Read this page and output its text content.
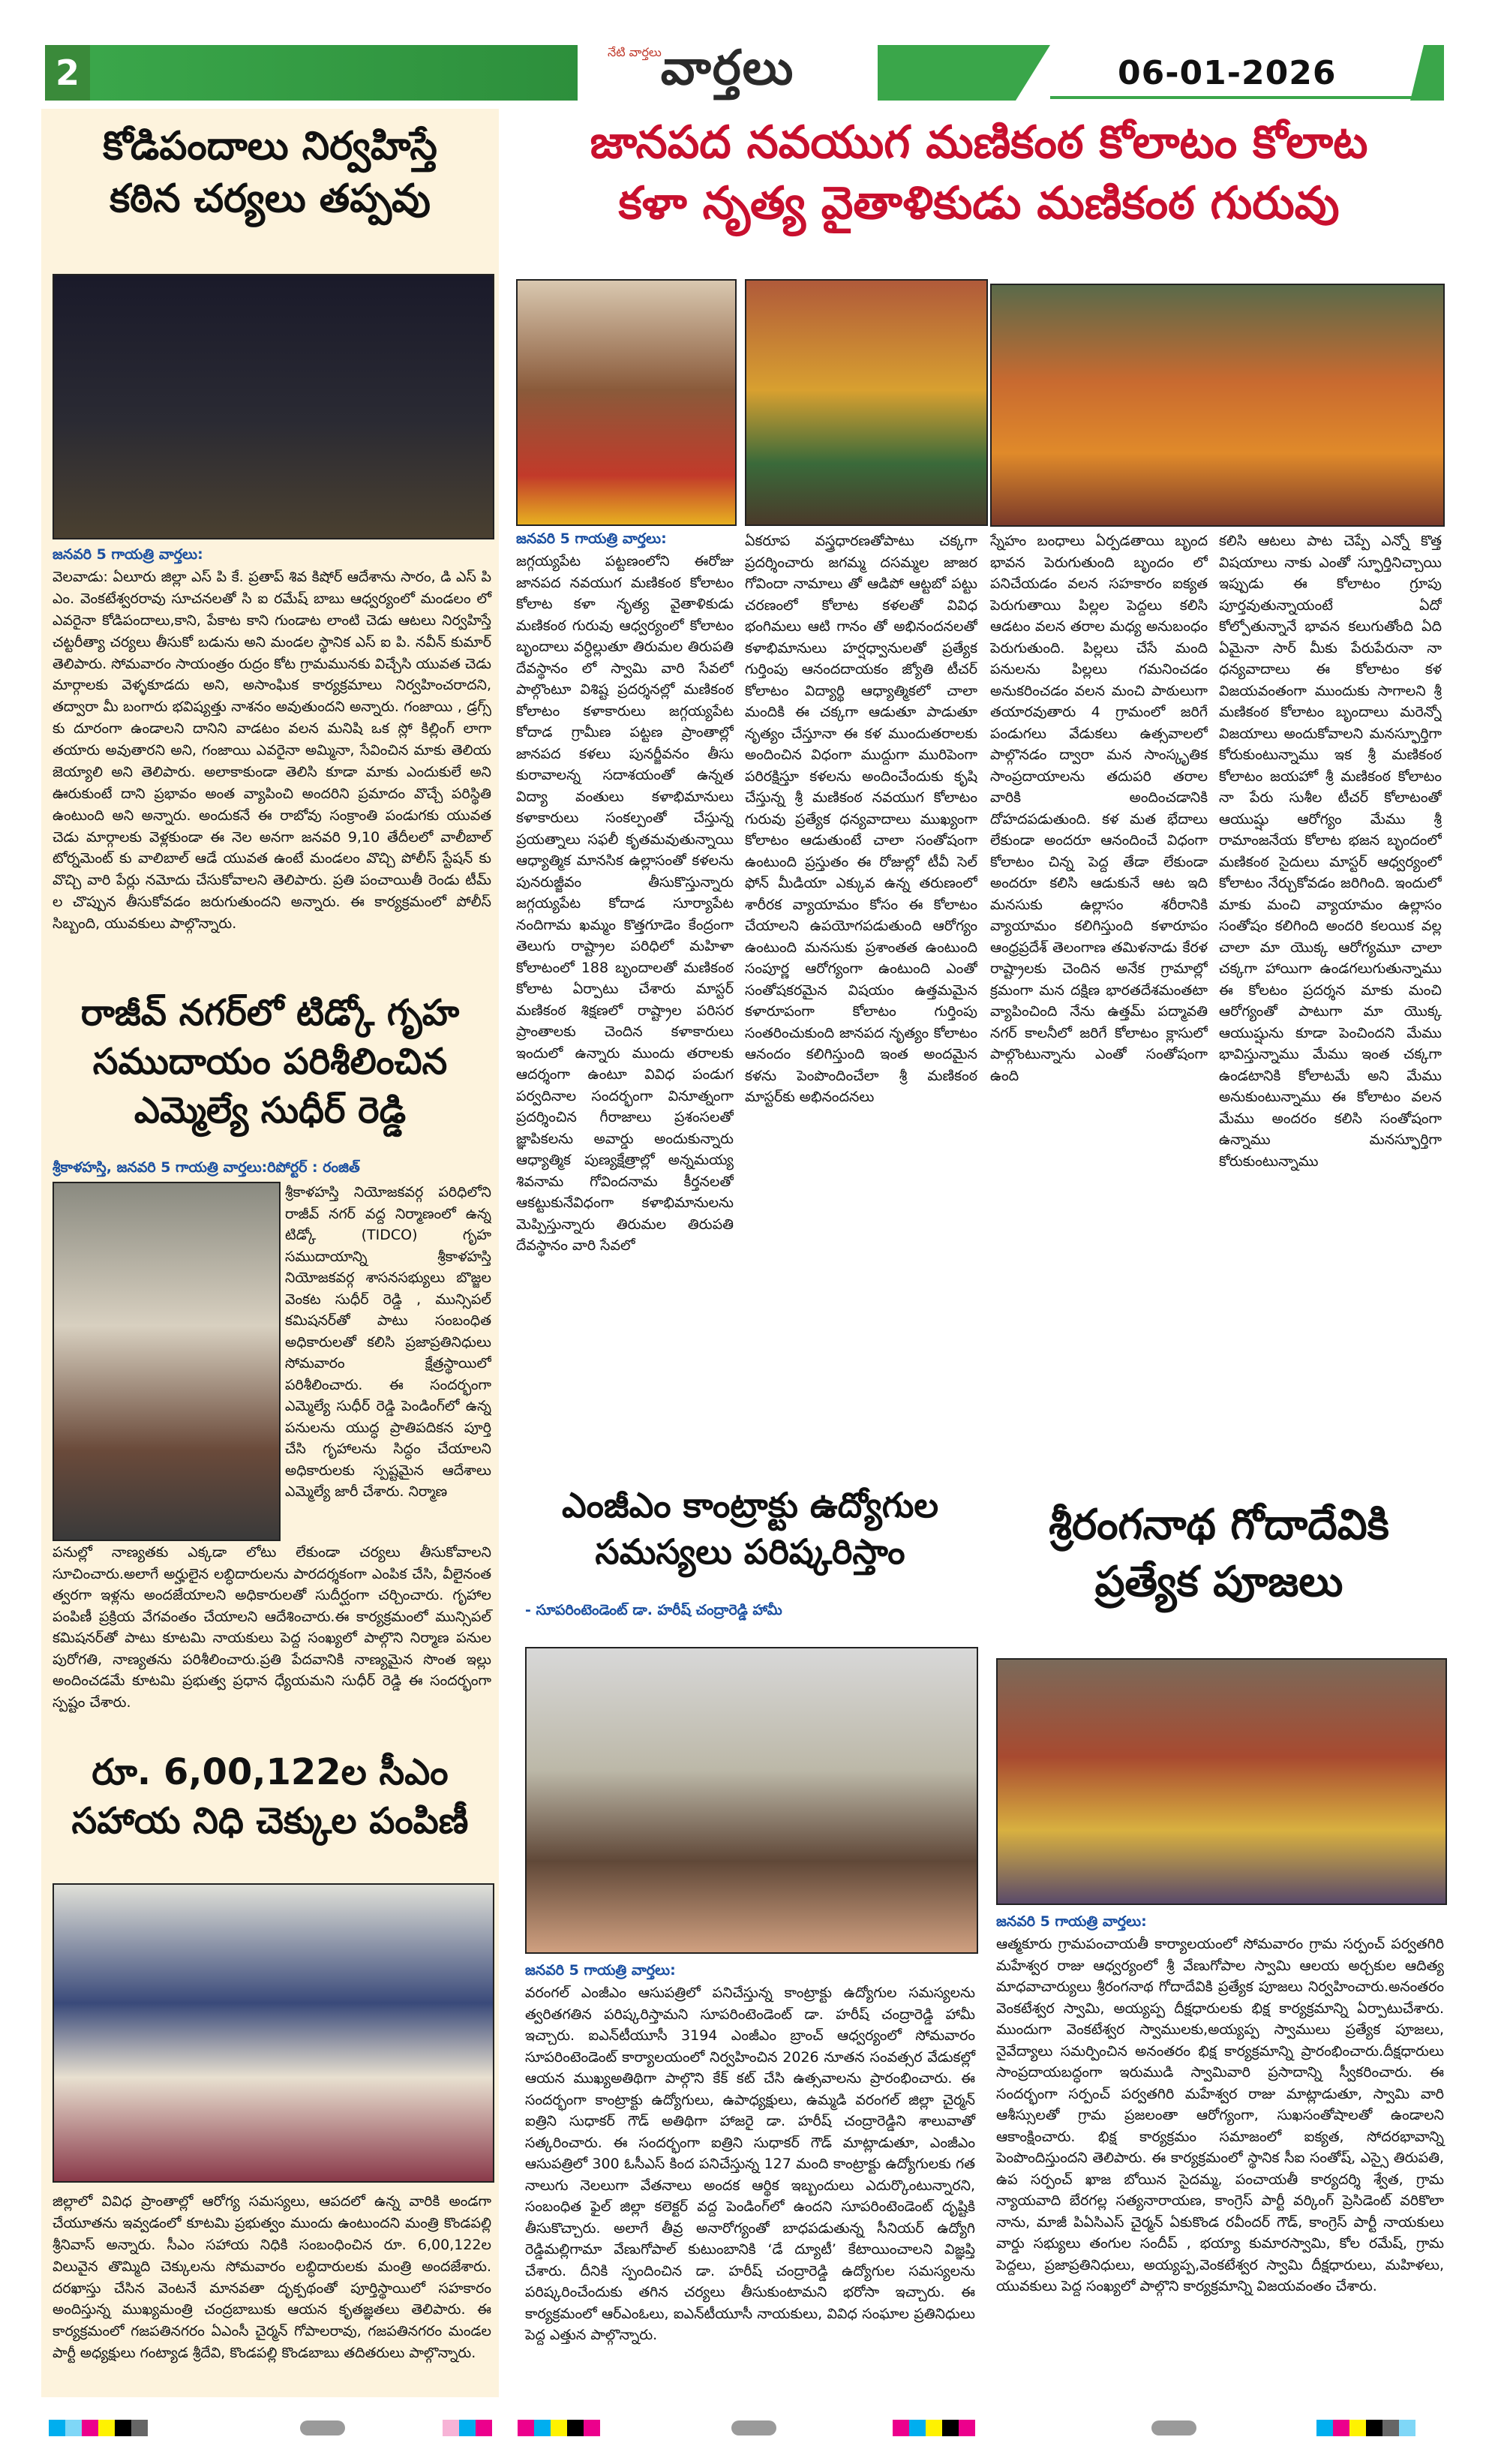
2
నేటి వార్తలు
వార్తలు	06-01-2026
కోడిపందాలు నిర్వహిస్తే
కఠిన చర్యలు తప్పవు
జనవరి 5 గాయత్రి వార్తలు:
వెలవాడు: ఏలూరు జిల్లా ఎస్ పి కే. ప్రతాప్ శివ కిషోర్ ఆదేశాను సారం, డి ఎస్ పి ఎం. వెంకటేశ్వరరావు సూచనలతో సి ఐ రమేష్ బాబు ఆధ్వర్యంలో మండలం లో ఎవరైనా కోడిపందాలు,కాని, పేకాట కాని గుండాట లాంటి చెడు ఆటలు నిర్వహిస్తే చట్టరీత్యా చర్యలు తీసుకో బడును అని మండల స్థానిక ఎస్ ఐ పి. నవీన్ కుమార్ తెలిపారు. సోమవారం సాయంత్రం రుద్రం కోట గ్రామమునకు విచ్చేసి యువత చెడు మార్గాలకు వెళ్ళకూడదు అని, అసాంఘిక కార్యక్రమాలు నిర్వహించరాదని, తద్వారా మీ బంగారు భవిష్యత్తు నాశనం అవుతుందని అన్నారు. గంజాయి , డ్రగ్స్ కు దూరంగా ఉండాలని దానిని వాడటం వలన మనిషి ఒక స్లో కిల్లింగ్ లాగా తయారు అవుతారని అని, గంజాయి ఎవరైనా అమ్మినా, సేవించిన మాకు తెలియ జెయ్యాలి అని తెలిపారు. అలాకాకుండా తెలిసి కూడా మాకు ఎందుకులే అని ఊరుకుంటే దాని ప్రభావం అంత వ్యాపించి అందరిని ప్రమాదం వొచ్చే పరిస్థితి ఉంటుంది అని అన్నారు. అందుకనే ఈ రాబోవు సంక్రాంతి పండుగకు యువత చెడు మార్గాలకు వెళ్లకుండా ఈ నెల అనగా జనవరి 9,10 తేదీలలో వాలీబాల్ టోర్నమెంట్ కు వాలిబాల్ ఆడే యువత ఉంటే మండలం వొచ్చి పోలీస్ స్టేషన్ కు వొచ్చి వారి పేర్లు నమోదు చేసుకోవాలని తెలిపారు. ప్రతి పంచాయితీ రెండు టీమ్ ల చొప్పున తీసుకోవడం జరుగుతుందని అన్నారు. ఈ కార్యక్రమంలో పోలీస్ సిబ్బంది, యువకులు పాల్గొన్నారు.
రాజీవ్ నగర్‌లో టిడ్కో గృహ
సముదాయం పరిశీలించిన
ఎమ్మెల్యే సుధీర్ రెడ్డి
శ్రీకాళహస్తి, జనవరి 5 గాయత్రి వార్తలు:రిపోర్టర్ : రంజిత్
శ్రీకాళహస్తి నియోజకవర్గ పరిధిలోని రాజీవ్ నగర్ వద్ద నిర్మాణంలో ఉన్న టిడ్కో (TIDCO) గృహ సముదాయాన్ని శ్రీకాళహస్తి నియోజకవర్గ శాసనసభ్యులు బొజ్జల వెంకట సుధీర్ రెడ్డి , మున్సిపల్ కమిషనర్‌తో పాటు సంబంధిత అధికారులతో కలిసి ప్రజాప్రతినిధులు సోమవారం క్షేత్రస్థాయిలో పరిశీలించారు. ఈ సందర్భంగా ఎమ్మెల్యే సుధీర్ రెడ్డి పెండింగ్‌లో ఉన్న పనులను యుద్ధ ప్రాతిపదికన పూర్తి చేసి గృహాలను సిద్ధం చేయాలని అధికారులకు స్పష్టమైన ఆదేశాలు ఎమ్మెల్యే జారీ చేశారు. నిర్మాణ
పనుల్లో నాణ్యతకు ఎక్కడా లోటు లేకుండా చర్యలు తీసుకోవాలని సూచించారు.అలాగే అర్హులైన లబ్ధిదారులను పారదర్శకంగా ఎంపిక చేసి, వీలైనంత త్వరగా ఇళ్లను అందజేయాలని అధికారులతో సుదీర్ఘంగా చర్చించారు. గృహాల పంపిణీ ప్రక్రియ వేగవంతం చేయాలని ఆదేశించారు.ఈ కార్యక్రమంలో మున్సిపల్ కమిషనర్‌తో పాటు కూటమి నాయకులు పెద్ద సంఖ్యలో పాల్గొని నిర్మాణ పనుల పురోగతి, నాణ్యతను పరిశీలించారు.ప్రతి పేదవానికి నాణ్యమైన సొంత ఇల్లు అందించడమే కూటమి ప్రభుత్వ ప్రధాన ధ్యేయమని సుధీర్ రెడ్డి ఈ సందర్భంగా స్పష్టం చేశారు.
రూ. 6,00,122ల సీఎం
సహాయ నిధి చెక్కుల పంపిణీ
జిల్లాలో వివిధ ప్రాంతాల్లో ఆరోగ్య సమస్యలు, ఆపదలో ఉన్న వారికి అండగా చేయూతను ఇవ్వడంలో కూటమి ప్రభుత్వం ముందు ఉంటుందని మంత్రి కొండపల్లి శ్రీనివాస్ అన్నారు. సీఎం సహాయ నిధికి సంబంధించిన రూ. 6,00,122ల విలువైన తొమ్మిది చెక్కులను సోమవారం లబ్ధిదారులకు మంత్రి అందజేశారు. దరఖాస్తు చేసిన వెంటనే మానవతా దృక్పథంతో పూర్తిస్థాయిలో సహకారం అందిస్తున్న ముఖ్యమంత్రి చంద్రబాబుకు ఆయన కృతజ్ఞతలు తెలిపారు. ఈ కార్యక్రమంలో గజపతినగరం ఏఎంసీ చైర్మన్ గోపాలరావు, గజపతినగరం మండల పార్టీ అధ్యక్షులు గంట్యాడ శ్రీదేవి, కొండపల్లి కొండబాబు తదితరులు పాల్గొన్నారు.
జానపద నవయుగ మణికంఠ కోలాటం కోలాట
కళా నృత్య వైతాళికుడు మణికంఠ గురువు
జనవరి 5 గాయత్రి వార్తలు:
జగ్గయ్యపేట పట్టణంలోని ఈరోజు జానపద నవయుగ మణికంఠ కోలాటం కోలాట కళా నృత్య వైతాళికుడు మణికంఠ గురువు ఆధ్వర్యంలో కోలాటం బృందాలు వర్ధిల్లుతూ తిరుమల తిరుపతి దేవస్థానం లో స్వామి వారి సేవలో పాల్గొంటూ విశిష్ట ప్రదర్శనల్లో మణికంఠ కోలాటం కళాకారులు జగ్గయ్యపేట కోదాడ గ్రామీణ పట్టణ ప్రాంతాల్లో జానపద కళలు పునర్జీవనం తీసు కురావాలన్న సదాశయంతో ఉన్నత విద్యా వంతులు కళాభిమానులు కళాకారులు సంకల్పంతో చేస్తున్న ప్రయత్నాలు సఫలీ కృతమవుతున్నాయి ఆధ్యాత్మిక మానసిక ఉల్లాసంతో కళలను పునరుజ్జీవం తీసుకొస్తున్నారు జగ్గయ్యపేట కోదాడ సూర్యాపేట నందిగామ ఖమ్మం కొత్తగూడెం కేంద్రంగా తెలుగు రాష్ట్రాల పరిధిలో మహిళా కోలాటంలో 188 బృందాలతో మణికంఠ కోలాట ఏర్పాటు చేశారు మాస్టర్ మణికంఠ శిక్షణలో రాష్ట్రాల పరిసర ప్రాంతాలకు చెందిన కళాకారులు ఇందులో ఉన్నారు ముందు తరాలకు ఆదర్శంగా ఉంటూ వివిధ పండుగ పర్వదినాల సందర్భంగా వినూత్నంగా ప్రదర్శించిన గీరాజాలు ప్రశంసలతో జ్ఞాపికలను అవార్డు అందుకున్నారు ఆధ్యాత్మిక పుణ్యక్షేత్రాల్లో అన్నమయ్య శివనామ గోవిందనామ కీర్తనలతో ఆకట్టుకునేవిధంగా కళాభిమానులను మెప్పిస్తున్నారు తిరుమల తిరుపతి దేవస్థానం వారి సేవలో
ఏకరూప వస్త్రధారణతోపాటు చక్కగా ప్రదర్శించారు జగమ్మ దసమ్మల జాజర గోవిందా నామాలు తో ఆడిపో ఆట్టబో పట్టు చరణంలో కోలాట కళలతో వివిధ భంగిమలు ఆటి గానం తో అభినందనలతో కళాభిమానులు హర్షధ్వానులతో ప్రత్యేక గుర్తింపు ఆనందదాయకం జ్యోతి టీచర్ కోలాటం విద్యార్థి ఆధ్యాత్మికలో చాలా మందికి ఈ చక్కగా ఆడుతూ పాడుతూ నృత్యం చేస్తూనా ఈ కళ ముందుతరాలకు అందించిన విధంగా ముద్దుగా మురిపెంగా పరిరక్షిస్తూ కళలను అందించేందుకు కృషి చేస్తున్న శ్రీ మణికంఠ నవయుగ కోలాటం గురువు ప్రత్యేక ధన్యవాదాలు ముఖ్యంగా కోలాటం ఆడుతుంటే చాలా సంతోషంగా ఉంటుంది ప్రస్తుతం ఈ రోజుల్లో టీవీ సెల్ ఫోన్ మీడియా ఎక్కువ ఉన్న తరుణంలో శారీరక వ్యాయామం కోసం ఈ కోలాటం చేయాలని ఉపయోగపడుతుంది ఆరోగ్యం ఉంటుంది మనసుకు ప్రశాంతత ఉంటుంది సంపూర్ణ ఆరోగ్యంగా ఉంటుంది ఎంతో సంతోషకరమైన విషయం ఉత్తమమైన కళారూపంగా కోలాటం గుర్తింపు సంతరించుకుంది జానపద నృత్యం కోలాటం ఆనందం కలిగిస్తుంది ఇంత అందమైన కళను పెంపొందించేలా శ్రీ మణికంఠ మాస్టర్‌కు అభినందనలు
స్నేహం బంధాలు ఏర్పడతాయి బృంద భావన పెరుగుతుంది బృందం లో పనిచేయడం వలన సహకారం ఐక్యత పెరుగుతాయి పిల్లల పెద్దలు కలిసి ఆడటం వలన తరాల మధ్య అనుబంధం పెరుగుతుంది. పిల్లలు చేసే మంది పనులను పిల్లలు గమనించడం అనుకరించడం వలన మంచి పాఠులుగా తయారవుతారు 4 గ్రామంలో జరిగే పండుగలు వేడుకలు ఉత్సవాలలో పాల్గొనడం ద్వారా మన సాంస్కృతిక సాంప్రదాయాలను తదుపరి తరాల వారికి అందించడానికి దోహదపడుతుంది. కళ మత భేదాలు లేకుండా అందరూ ఆనందించే విధంగా కోలాటం చిన్న పెద్ద తేడా లేకుండా అందరూ కలిసి ఆడుకునే ఆట ఇది మనసుకు ఉల్లాసం శరీరానికి వ్యాయామం కలిగిస్తుంది కళారూపం ఆంధ్రప్రదేశ్ తెలంగాణ తమిళనాడు కేరళ రాష్ట్రాలకు చెందిన అనేక గ్రామాల్లో క్రమంగా మన దక్షిణ భారతదేశమంతటా వ్యాపించింది నేను ఉత్తమ్ పద్మావతి నగర్ కాలనీలో జరిగే కోలాటం క్లాసులో పాల్గొంటున్నాను ఎంతో సంతోషంగా ఉంది
కలిసి ఆటలు పాట చెప్పే ఎన్నో కొత్త విషయాలు నాకు ఎంతో స్ఫూర్తినిచ్చాయి ఇప్పుడు ఈ కోలాటం గ్రూపు పూర్తవుతున్నాయంటే ఏదో కోల్పోతున్నానే భావన కలుగుతోంది ఏది ఏమైనా సార్ మీకు పేరుపేరునా నా ధన్యవాదాలు ఈ కోలాటం కళ విజయవంతంగా ముందుకు సాగాలని శ్రీ మణికంఠ కోలాటం బృందాలు మరెన్నో విజయాలు అందుకోవాలని మనస్ఫూర్తిగా కోరుకుంటున్నాము ఇక శ్రీ మణికంఠ కోలాటం జయహో శ్రీ మణికంఠ కోలాటం నా పేరు సుశీల టీచర్ కోలాటంతో ఆయుష్షు ఆరోగ్యం మేము శ్రీ రామాంజనేయ కోలాట భజన బృందంలో మణికంఠ సైదులు మాస్టర్ ఆధ్వర్యంలో కోలాటం నేర్చుకోవడం జరిగింది. ఇందులో మాకు మంచి వ్యాయామం ఉల్లాసం సంతోషం కలిగింది అందరి కలయిక వల్ల చాలా మా యొక్క ఆరోగ్యమూ చాలా చక్కగా హాయిగా ఉండగలుగుతున్నాము ఈ కోలటం ప్రదర్శన మాకు మంచి ఆరోగ్యంతో పాటుగా మా యొక్క ఆయుష్షును కూడా పెంచిందని మేము భావిస్తున్నాము మేము ఇంత చక్కగా ఉండటానికి కోలాటమే అని మేము అనుకుంటున్నాము ఈ కోలాటం వలన మేము అందరం కలిసి సంతోషంగా ఉన్నాము మనస్ఫూర్తిగా కోరుకుంటున్నాము
ఎంజీఎం కాంట్రాక్టు ఉద్యోగుల
సమస్యలు పరిష్కరిస్తాం
- సూపరింటెండెంట్ డా. హరీష్ చంద్రారెడ్డి హామీ
జనవరి 5 గాయత్రి వార్తలు:
వరంగల్ ఎంజీఎం ఆసుపత్రిలో పనిచేస్తున్న కాంట్రాక్టు ఉద్యోగుల సమస్యలను త్వరితగతిన పరిష్కరిస్తామని సూపరింటెండెంట్ డా. హరీష్ చంద్రారెడ్డి హామీ ఇచ్చారు. ఐఎన్‌టీయూసీ 3194 ఎంజీఎం బ్రాంచ్ ఆధ్వర్యంలో సోమవారం సూపరింటెండెంట్ కార్యాలయంలో నిర్వహించిన 2026 నూతన సంవత్సర వేడుకల్లో ఆయన ముఖ్యఅతిథిగా పాల్గొని కేక్ కట్ చేసి ఉత్సవాలను ప్రారంభించారు. ఈ సందర్భంగా కాంట్రాక్టు ఉద్యోగులు, ఉపాధ్యక్షులు, ఉమ్మడి వరంగల్ జిల్లా చైర్మన్ ఐత్రిని సుధాకర్ గౌడ్ అతిథిగా హాజరై డా. హరీష్ చంద్రారెడ్డిని శాలువాతో సత్కరించారు. ఈ సందర్భంగా ఐత్రిని సుధాకర్ గౌడ్ మాట్లాడుతూ, ఎంజీఎం ఆసుపత్రిలో 300 ఓసీఎస్ కింద పనిచేస్తున్న 127 మంది కాంట్రాక్టు ఉద్యోగులకు గత నాలుగు నెలలుగా వేతనాలు అందక ఆర్థిక ఇబ్బందులు ఎదుర్కొంటున్నారని, సంబంధిత ఫైల్ జిల్లా కలెక్టర్ వద్ద పెండింగ్‌లో ఉందని సూపరింటెండెంట్ దృష్టికి తీసుకొచ్చారు. అలాగే తీవ్ర అనారోగ్యంతో బాధపడుతున్న సీనియర్ ఉద్యోగి రెడ్డిమల్లిగామా వేణుగోపాల్ కుటుంబానికి ‘డే ద్యూటీ’ కేటాయించాలని విజ్ఞప్తి చేశారు. దీనికి స్పందించిన డా. హరీష్ చంద్రారెడ్డి ఉద్యోగుల సమస్యలను పరిష్కరించేందుకు తగిన చర్యలు తీసుకుంటామని భరోసా ఇచ్చారు. ఈ కార్యక్రమంలో ఆర్‌ఎంఓలు, ఐఎన్‌టీయూసీ నాయకులు, వివిధ సంఘాల ప్రతినిధులు పెద్ద ఎత్తున పాల్గొన్నారు.
శ్రీరంగనాథ గోదాదేవికి
ప్రత్యేక పూజలు
జనవరి 5 గాయత్రి వార్తలు:
ఆత్మకూరు గ్రామపంచాయతీ కార్యాలయంలో సోమవారం గ్రామ సర్పంచ్ పర్వతగిరి మహేశ్వర రాజు ఆధ్వర్యంలో శ్రీ వేణుగోపాల స్వామి ఆలయ అర్చకుల ఆదిత్య మాధవాచార్యులు శ్రీరంగనాథ గోదాదేవికి ప్రత్యేక పూజలు నిర్వహించారు.అనంతరం వెంకటేశ్వర స్వామి, అయ్యప్ప దీక్షధారులకు భిక్ష కార్యక్రమాన్ని ఏర్పాటుచేశారు. ముందుగా వెంకటేశ్వర స్వాములకు,అయ్యప్ప స్వాములు ప్రత్యేక పూజలు, నైవేద్యాలు సమర్పించిన అనంతరం భిక్ష కార్యక్రమాన్ని ప్రారంభించారు.దీక్షధారులు సాంప్రదాయబద్ధంగా ఇరుముడి స్వామివారి ప్రసాదాన్ని స్వీకరించారు. ఈ సందర్భంగా సర్పంచ్ పర్వతగిరి మహేశ్వర రాజు మాట్లాడుతూ, స్వామి వారి ఆశీస్సులతో గ్రామ ప్రజలంతా ఆరోగ్యంగా, సుఖసంతోషాలతో ఉండాలని ఆకాంక్షించారు. భిక్ష కార్యక్రమం సమాజంలో ఐక్యత, సోదరభావాన్ని పెంపొందిస్తుందని తెలిపారు. ఈ కార్యక్రమంలో స్థానిక సీఐ సంతోష్, ఎస్సై తిరుపతి, ఉప సర్పంచ్ ఖాజ బోయిన సైదమ్మ, పంచాయతీ కార్యదర్శి శ్వేత, గ్రామ న్యాయవాది బేరగల్ల సత్యనారాయణ, కాంగ్రెస్ పార్టీ వర్కింగ్ ప్రెసిడెంట్ వరికొలా నాను, మాజీ పిఏసిఎస్ చైర్మన్ ఏకుకొండ రవీందర్ గౌడ్, కాంగ్రెస్ పార్టీ నాయకులు వార్డు సభ్యులు తంగుల సందీప్ , భయ్యా కుమారస్వామి, కోల రమేష్, గ్రామ పెద్దలు, ప్రజాప్రతినిధులు, అయ్యప్ప,వెంకటేశ్వర స్వామి దీక్షధారులు, మహిళలు, యువకులు పెద్ద సంఖ్యలో పాల్గొని కార్యక్రమాన్ని విజయవంతం చేశారు.
